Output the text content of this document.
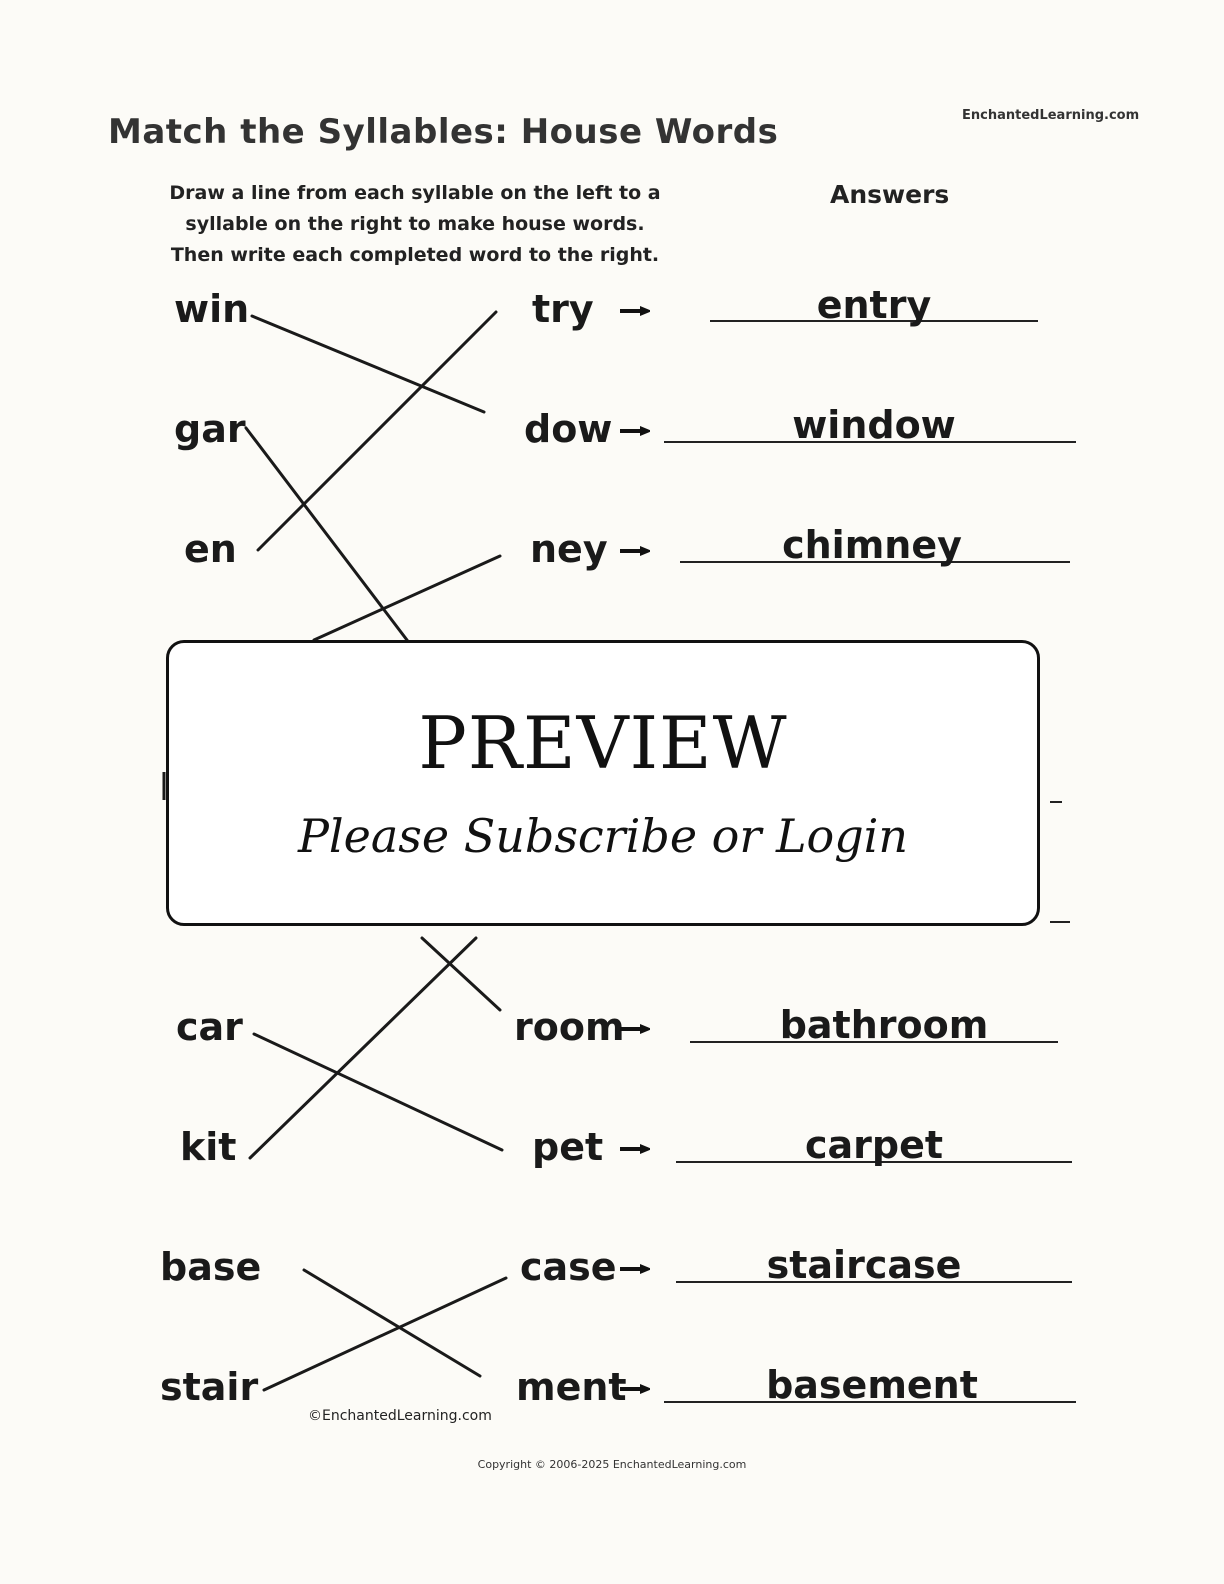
Match the Syllables: House Words	EnchantedLearning.com
Draw a line from each syllable on the left to a
syllable on the right to make house words.
Then write each completed word to the right.
Answers
win
gar
en
car
kit
base
stair
try
dow
ney
room
pet
case
ment
entry
window
chimney
bathroom
carpet
staircase
basement
©EnchantedLearning.com
PREVIEW
Please Subscribe or Login
Copyright © 2006-2025 EnchantedLearning.com
